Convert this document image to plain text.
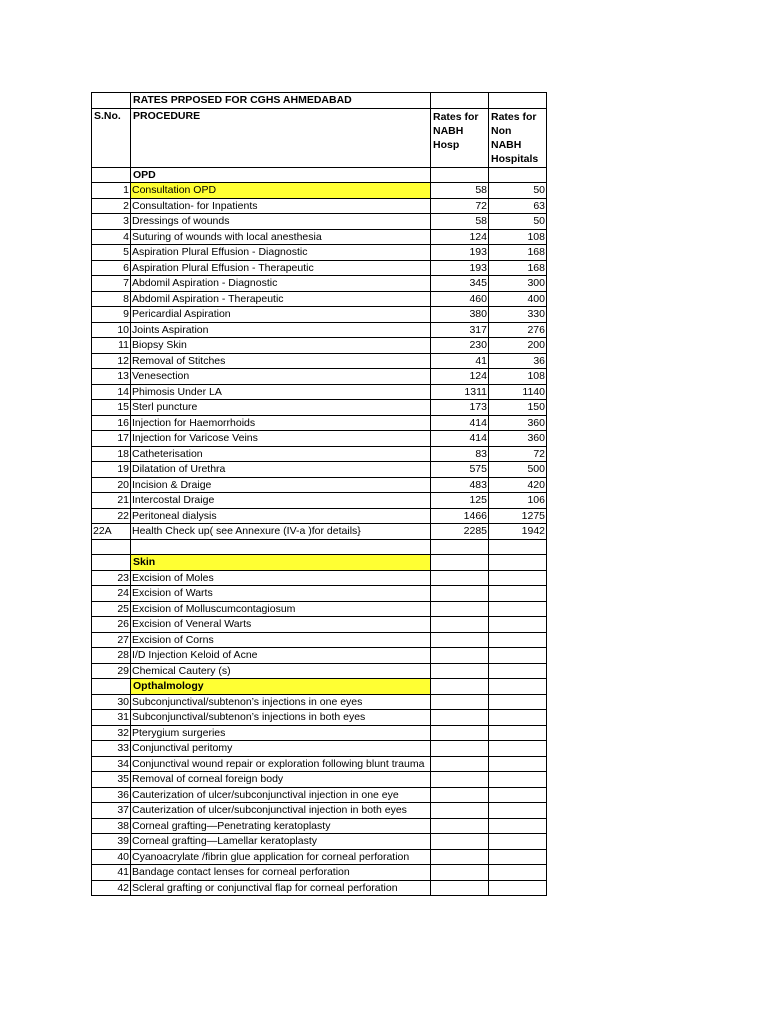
	RATES PRPOSED FOR CGHS AHMEDABAD		
S.No.	PROCEDURE	Rates for NABH Hosp	Rates for Non NABH Hospitals
	OPD		
1	Consultation OPD	58	50
2	Consultation- for Inpatients	72	63
3	Dressings of wounds	58	50
4	Suturing of wounds with local anesthesia	124	108
5	Aspiration Plural Effusion - Diagnostic	193	168
6	Aspiration Plural Effusion - Therapeutic	193	168
7	Abdomil Aspiration - Diagnostic	345	300
8	Abdomil Aspiration - Therapeutic	460	400
9	Pericardial Aspiration	380	330
10	Joints Aspiration	317	276
11	Biopsy Skin	230	200
12	Removal of Stitches	41	36
13	Venesection	124	108
14	Phimosis Under LA	1311	1140
15	Sterl puncture	173	150
16	Injection for Haemorrhoids	414	360
17	Injection for Varicose Veins	414	360
18	Catheterisation	83	72
19	Dilatation of Urethra	575	500
20	Incision & Draige	483	420
21	Intercostal Draige	125	106
22	Peritoneal dialysis	1466	1275
22A	Health Check up( see Annexure (IV-a )for details}	2285	1942

	Skin		
23	Excision of Moles		
24	Excision of Warts		
25	Excision of Molluscumcontagiosum		
26	Excision of Veneral Warts		
27	Excision of Corns		
28	I/D Injection Keloid of Acne		
29	Chemical Cautery (s)		
	Opthalmology		
30	Subconjunctival/subtenon’s injections in one eyes		
31	Subconjunctival/subtenon’s injections in both eyes		
32	Pterygium surgeries		
33	Conjunctival peritomy		
34	Conjunctival wound repair or exploration following blunt trauma		
35	Removal of corneal foreign body		
36	Cauterization of ulcer/subconjunctival injection in one eye		
37	Cauterization of ulcer/subconjunctival injection in both eyes		
38	Corneal grafting—Penetrating keratoplasty		
39	Corneal grafting—Lamellar keratoplasty		
40	Cyanoacrylate /fibrin glue application for corneal perforation		
41	Bandage contact lenses for corneal perforation		
42	Scleral grafting or conjunctival flap for corneal perforation		
